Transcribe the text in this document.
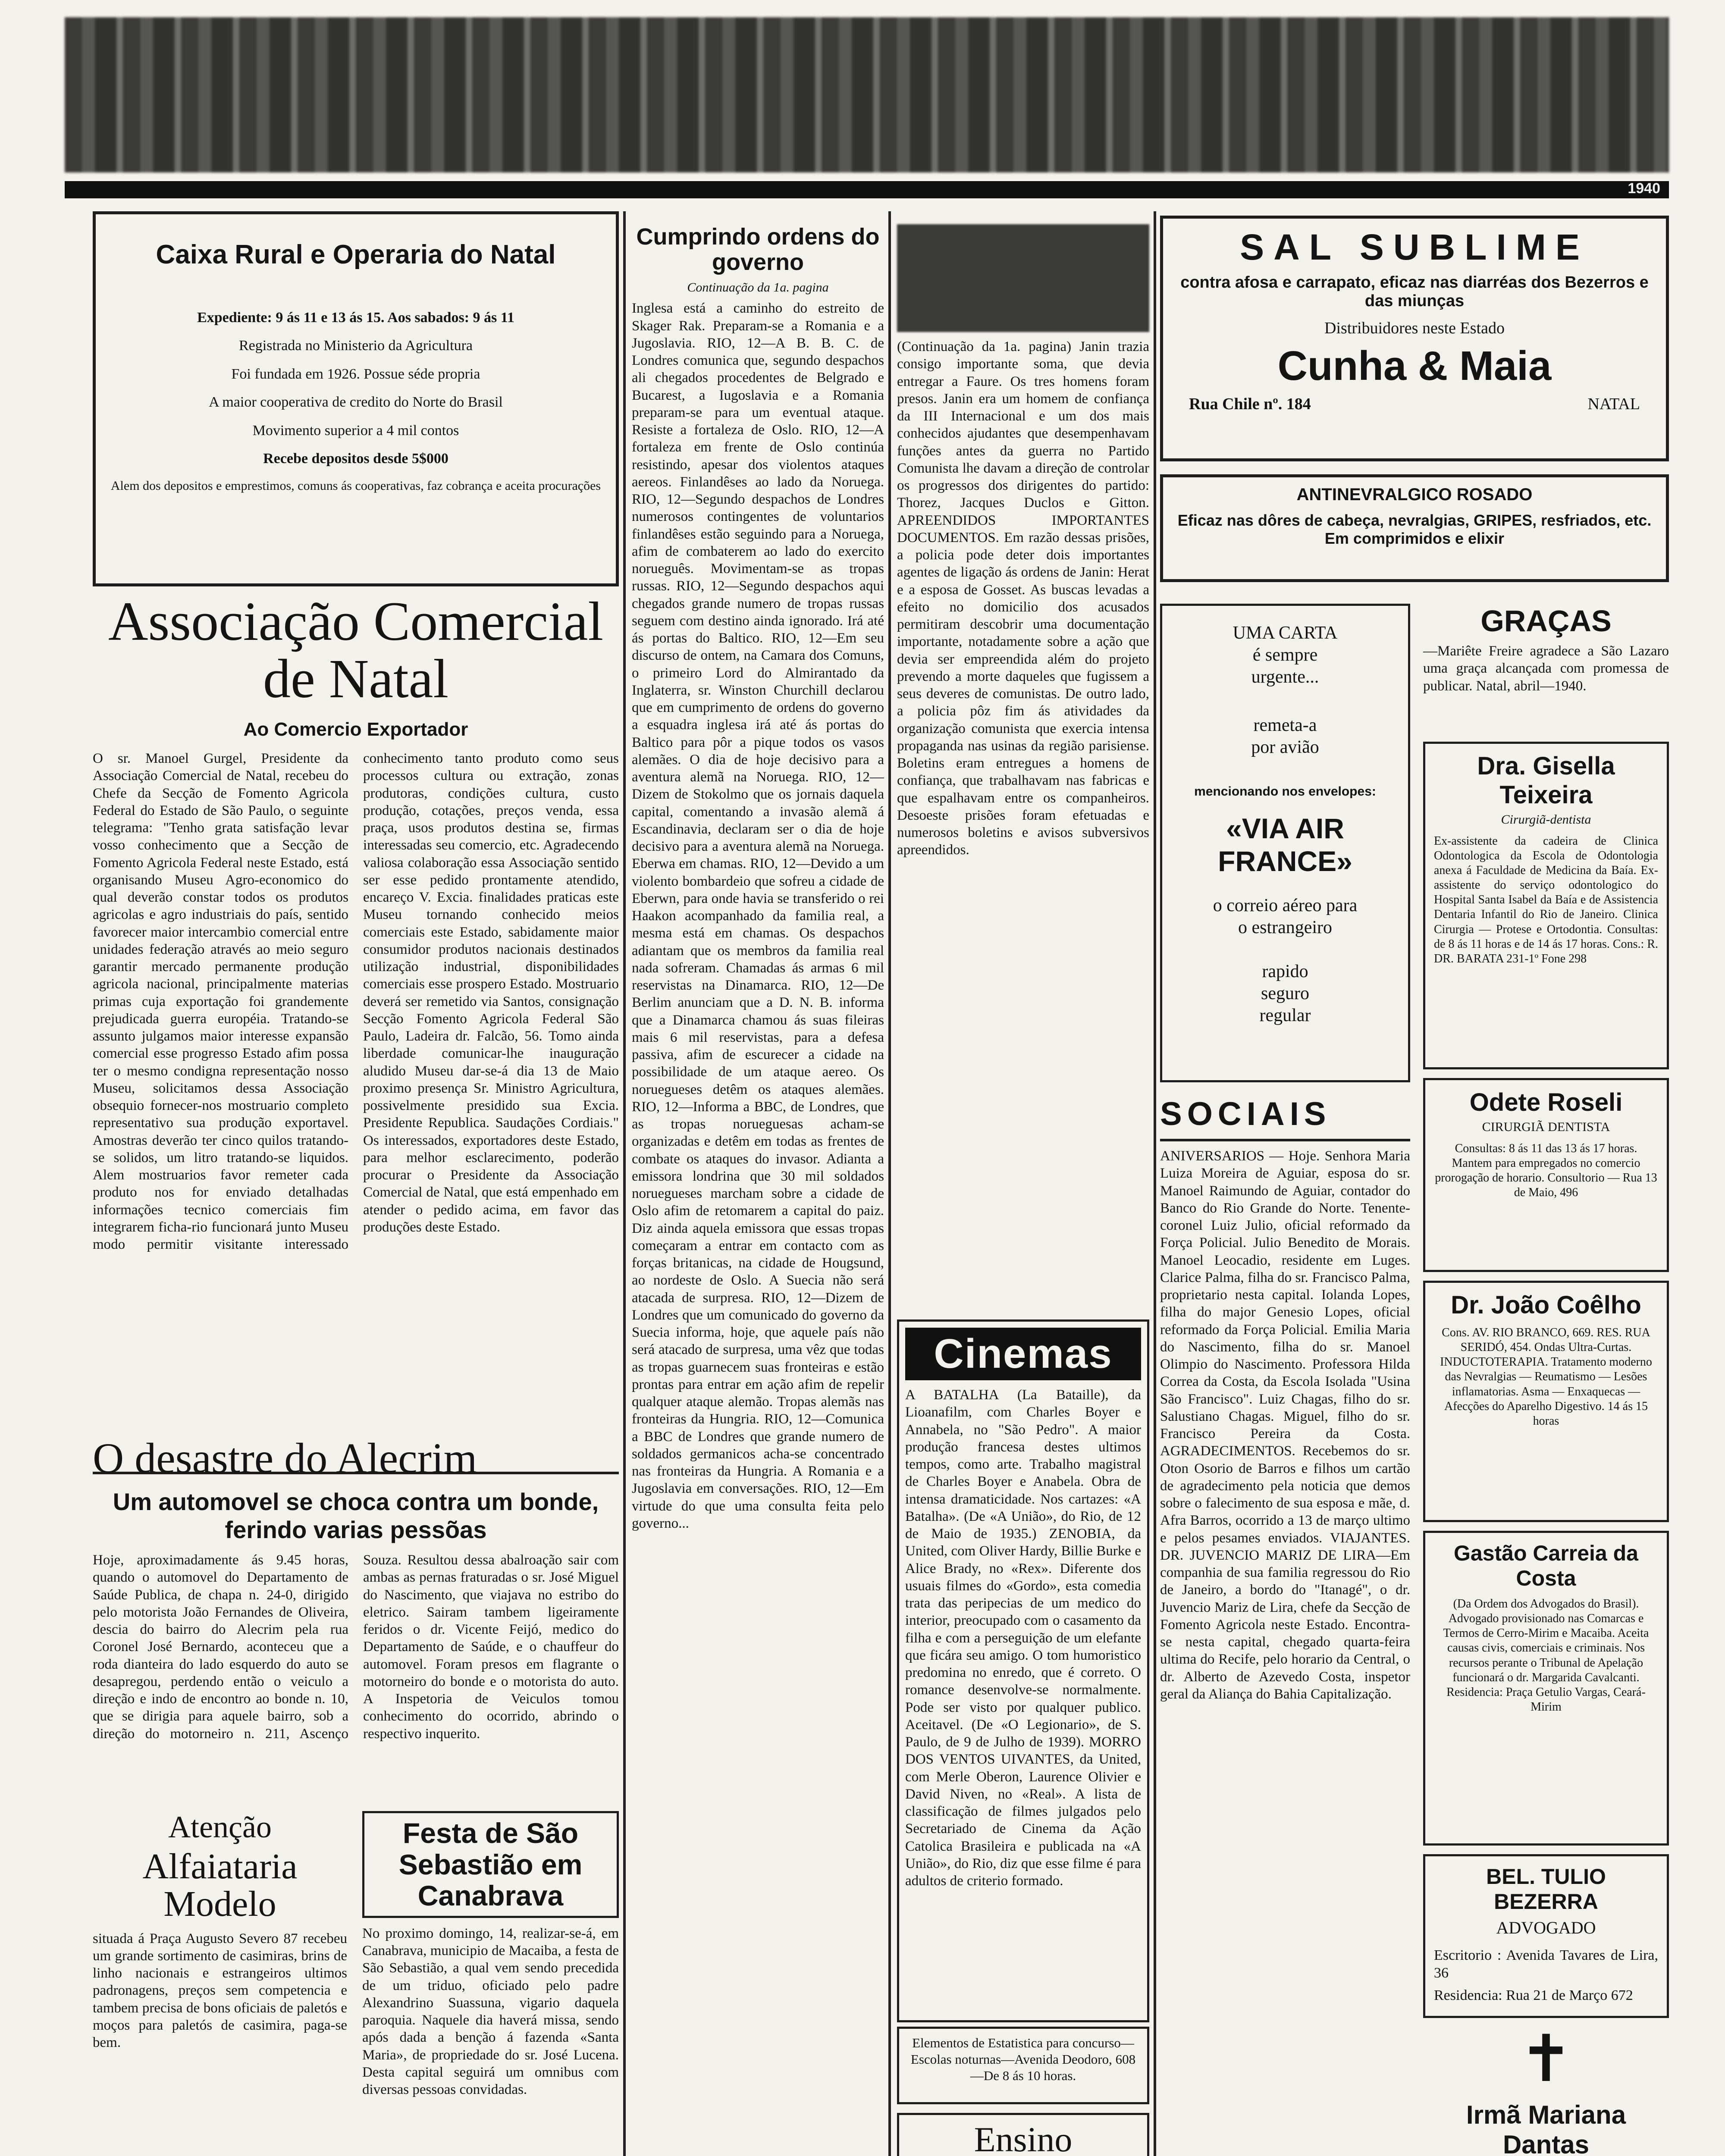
1940
Caixa Rural e Operaria do Natal
Expediente: 9 ás 11 e 13 ás 15. Aos sabados: 9 ás 11
Registrada no Ministerio da Agricultura
Foi fundada em 1926. Possue séde propria
A maior cooperativa de credito do Norte do Brasil
Movimento superior a 4 mil contos
Recebe depositos desde 5$000
Alem dos depositos e emprestimos, comuns ás cooperativas, faz cobrança e aceita procurações
Associação Comercial de Natal
Ao Comercio Exportador

O sr. Manoel Gurgel, Presidente da Associação Comercial de Natal, recebeu do Chefe da Secção de Fomento Agricola Federal do Estado de São Paulo, o seguinte telegrama: "Tenho grata satisfação levar vosso conhecimento que a Secção de Fomento Agricola Federal neste Estado, está organisando Museu Agro-economico do qual deverão constar todos os produtos agricolas e agro industriais do país, sentido favorecer maior intercambio comercial entre unidades federação através ao meio seguro garantir mercado permanente produção agricola nacional, principalmente materias primas cuja exportação foi grandemente prejudicada guerra européia. Tratando-se assunto julgamos maior interesse expansão comercial esse progresso Estado afim possa ter o mesmo condigna representação nosso Museu, solicitamos dessa Associação obsequio fornecer-nos mostruario completo representativo sua produção exportavel. Amostras deverão ter cinco quilos tratando-se solidos, um litro tratando-se liquidos. Alem mostruarios favor remeter cada produto nos for enviado detalhadas informações tecnico comerciais fim integrarem ficha-rio funcionará junto Museu modo permitir visitante interessado conhecimento tanto produto como seus processos cultura ou extração, zonas produtoras, condições cultura, custo produção, cotações, preços venda, essa praça, usos produtos destina se, firmas interessadas seu comercio, etc. Agradecendo valiosa colaboração essa Associação sentido ser esse pedido prontamente atendido, encareço V. Excia. finalidades praticas este Museu tornando conhecido meios comerciais este Estado, sabidamente maior consumidor produtos nacionais destinados utilização industrial, disponibilidades comerciais esse prospero Estado. Mostruario deverá ser remetido via Santos, consignação Secção Fomento Agricola Federal São Paulo, Ladeira dr. Falcão, 56. Tomo ainda liberdade comunicar-lhe inauguração aludido Museu dar-se-á dia 13 de Maio proximo presença Sr. Ministro Agricultura, possivelmente presidido sua Excia. Presidente Republica. Saudações Cordiais." Os interessados, exportadores deste Estado, para melhor esclarecimento, poderão procurar o Presidente da Associação Comercial de Natal, que está empenhado em atender o pedido acima, em favor das produções deste Estado.

O desastre do Alecrim
Um automovel se choca contra um bonde, ferindo varias pessõas

Hoje, aproximadamente ás 9.45 horas, quando o automovel do Departamento de Saúde Publica, de chapa n. 24-0, dirigido pelo motorista João Fernandes de Oliveira, descia do bairro do Alecrim pela rua Coronel José Bernardo, aconteceu que a roda dianteira do lado esquerdo do auto se desapregou, perdendo então o veiculo a direção e indo de encontro ao bonde n. 10, que se dirigia para aquele bairro, sob a direção do motorneiro n. 211, Ascenço Souza. Resultou dessa abalroação sair com ambas as pernas fraturadas o sr. José Miguel do Nascimento, que viajava no estribo do eletrico. Sairam tambem ligeiramente feridos o dr. Vicente Feijó, medico do Departamento de Saúde, e o chauffeur do automovel. Foram presos em flagrante o motorneiro do bonde e o motorista do auto. A Inspetoria de Veiculos tomou conhecimento do ocorrido, abrindo o respectivo inquerito.

Atenção
Alfaiataria Modelo

situada á Praça Augusto Severo 87 recebeu um grande sortimento de casimiras, brins de linho nacionais e estrangeiros ultimos padronagens, preços sem competencia e tambem precisa de bons oficiais de paletós e moços para paletós de casimira, paga-se bem.

Festa de São Sebastião em Canabrava

No proximo domingo, 14, realizar-se-á, em Canabrava, municipio de Macaiba, a festa de São Sebastião, a qual vem sendo precedida de um triduo, oficiado pelo padre Alexandrino Suassuna, vigario daquela paroquia. Naquele dia haverá missa, sendo após dada a benção á fazenda «Santa Maria», de propriedade do sr. José Lucena. Desta capital seguirá um omnibus com diversas pessoas convidadas.

Cumprindo ordens do governo
Continuação da 1a. pagina

Inglesa está a caminho do estreito de Skager Rak. Preparam-se a Romania e a Jugoslavia. RIO, 12—A B. B. C. de Londres comunica que, segundo despachos ali chegados procedentes de Belgrado e Bucarest, a Iugoslavia e a Romania preparam-se para um eventual ataque. Resiste a fortaleza de Oslo. RIO, 12—A fortaleza em frente de Oslo continúa resistindo, apesar dos violentos ataques aereos. Finlandêses ao lado da Noruega. RIO, 12—Segundo despachos de Londres numerosos contingentes de voluntarios finlandêses estão seguindo para a Noruega, afim de combaterem ao lado do exercito norueguês. Movimentam-se as tropas russas. RIO, 12—Segundo despachos aqui chegados grande numero de tropas russas seguem com destino ainda ignorado. Irá até ás portas do Baltico. RIO, 12—Em seu discurso de ontem, na Camara dos Comuns, o primeiro Lord do Almirantado da Inglaterra, sr. Winston Churchill declarou que em cumprimento de ordens do governo a esquadra inglesa irá até ás portas do Baltico para pôr a pique todos os vasos alemães. O dia de hoje decisivo para a aventura alemã na Noruega. RIO, 12—Dizem de Stokolmo que os jornais daquela capital, comentando a invasão alemã á Escandinavia, declaram ser o dia de hoje decisivo para a aventura alemã na Noruega. Eberwa em chamas. RIO, 12—Devido a um violento bombardeio que sofreu a cidade de Eberwn, para onde havia se transferido o rei Haakon acompanhado da familia real, a mesma está em chamas. Os despachos adiantam que os membros da familia real nada sofreram. Chamadas ás armas 6 mil reservistas na Dinamarca. RIO, 12—De Berlim anunciam que a D. N. B. informa que a Dinamarca chamou ás suas fileiras mais 6 mil reservistas, para a defesa passiva, afim de escurecer a cidade na possibilidade de um ataque aereo. Os noruegueses detêm os ataques alemães. RIO, 12—Informa a BBC, de Londres, que as tropas norueguesas acham-se organizadas e detêm em todas as frentes de combate os ataques do invasor. Adianta a emissora londrina que 30 mil soldados noruegueses marcham sobre a cidade de Oslo afim de retomarem a capital do paiz. Diz ainda aquela emissora que essas tropas começaram a entrar em contacto com as forças britanicas, na cidade de Hougsund, ao nordeste de Oslo. A Suecia não será atacada de surpresa. RIO, 12—Dizem de Londres que um comunicado do governo da Suecia informa, hoje, que aquele país não será atacado de surpresa, uma vêz que todas as tropas guarnecem suas fronteiras e estão prontas para entrar em ação afim de repelir qualquer ataque alemão. Tropas alemãs nas fronteiras da Hungria. RIO, 12—Comunica a BBC de Londres que grande numero de soldados germanicos acha-se concentrado nas fronteiras da Hungria. A Romania e a Jugoslavia em conversações. RIO, 12—Em virtude do que uma consulta feita pelo governo...

(Continuação da 1a. pagina) Janin trazia consigo importante soma, que devia entregar a Faure. Os tres homens foram presos. Janin era um homem de confiança da III Internacional e um dos mais conhecidos ajudantes que desempenhavam funções antes da guerra no Partido Comunista lhe davam a direção de controlar os progressos dos dirigentes do partido: Thorez, Jacques Duclos e Gitton. APREENDIDOS IMPORTANTES DOCUMENTOS. Em razão dessas prisões, a policia pode deter dois importantes agentes de ligação ás ordens de Janin: Herat e a esposa de Gosset. As buscas levadas a efeito no domicilio dos acusados permitiram descobrir uma documentação importante, notadamente sobre a ação que devia ser empreendida além do projeto prevendo a morte daqueles que fugissem a seus deveres de comunistas. De outro lado, a policia pôz fim ás atividades da organização comunista que exercia intensa propaganda nas usinas da região parisiense. Boletins eram entregues a homens de confiança, que trabalhavam nas fabricas e que espalhavam entre os companheiros. Desoeste prisões foram efetuadas e numerosos boletins e avisos subversivos apreendidos.

Cinemas

A BATALHA (La Bataille), da Lioanafilm, com Charles Boyer e Annabela, no "São Pedro". A maior produção francesa destes ultimos tempos, como arte. Trabalho magistral de Charles Boyer e Anabela. Obra de intensa dramaticidade. Nos cartazes: «A Batalha». (De «A União», do Rio, de 12 de Maio de 1935.) ZENOBIA, da United, com Oliver Hardy, Billie Burke e Alice Brady, no «Rex». Diferente dos usuais filmes do «Gordo», esta comedia trata das peripecias de um medico do interior, preocupado com o casamento da filha e com a perseguição de um elefante que ficára seu amigo. O tom humoristico predomina no enredo, que é correto. O romance desenvolve-se normalmente. Pode ser visto por qualquer publico. Aceitavel. (De «O Legionario», de S. Paulo, de 9 de Julho de 1939). MORRO DOS VENTOS UIVANTES, da United, com Merle Oberon, Laurence Olivier e David Niven, no «Real». A lista de classificação de filmes julgados pelo Secretariado de Cinema da Ação Catolica Brasileira e publicada na «A União», do Rio, diz que esse filme é para adultos de criterio formado.

Elementos de Estatistica para concurso—Escolas noturnas—Avenida Deodoro, 608—De 8 ás 10 horas.
Ensino

SAL SUBLIME
contra afosa e carrapato, eficaz nas diarréas dos Bezerros e das miunças
Distribuidores neste Estado
Cunha & Maia
Rua Chile nº. 184	NATAL
ANTINEVRALGICO ROSADO
Eficaz nas dôres de cabeça, nevralgias, GRIPES, resfriados, etc. Em comprimidos e elixir
UMA CARTA
é sempre
urgente...
remeta-a
por avião
mencionando nos envelopes:
«VIA AIR FRANCE»
o correio aéreo para
o estrangeiro
rapido
seguro
regular
SOCIAIS

ANIVERSARIOS — Hoje. Senhora Maria Luiza Moreira de Aguiar, esposa do sr. Manoel Raimundo de Aguiar, contador do Banco do Rio Grande do Norte. Tenente-coronel Luiz Julio, oficial reformado da Força Policial. Julio Benedito de Morais. Manoel Leocadio, residente em Luges. Clarice Palma, filha do sr. Francisco Palma, proprietario nesta capital. Iolanda Lopes, filha do major Genesio Lopes, oficial reformado da Força Policial. Emilia Maria do Nascimento, filha do sr. Manoel Olimpio do Nascimento. Professora Hilda Correa da Costa, da Escola Isolada "Usina São Francisco". Luiz Chagas, filho do sr. Salustiano Chagas. Miguel, filho do sr. Francisco Pereira da Costa. AGRADECIMENTOS. Recebemos do sr. Oton Osorio de Barros e filhos um cartão de agradecimento pela noticia que demos sobre o falecimento de sua esposa e mãe, d. Afra Barros, ocorrido a 13 de março ultimo e pelos pesames enviados. VIAJANTES. DR. JUVENCIO MARIZ DE LIRA—Em companhia de sua familia regressou do Rio de Janeiro, a bordo do "Itanagé", o dr. Juvencio Mariz de Lira, chefe da Secção de Fomento Agricola neste Estado. Encontra-se nesta capital, chegado quarta-feira ultima do Recife, pelo horario da Central, o dr. Alberto de Azevedo Costa, inspetor geral da Aliança do Bahia Capitalização.

GRAÇAS

—Mariête Freire agradece a São Lazaro uma graça alcançada com promessa de publicar. Natal, abril—1940.

Dra. Gisella Teixeira
Cirurgiã-dentista

Ex-assistente da cadeira de Clinica Odontologica da Escola de Odontologia anexa á Faculdade de Medicina da Baía. Ex-assistente do serviço odontologico do Hospital Santa Isabel da Baía e de Assistencia Dentaria Infantil do Rio de Janeiro. Clinica Cirurgia — Protese e Ortodontia. Consultas: de 8 ás 11 horas e de 14 ás 17 horas. Cons.: R. DR. BARATA 231-1º Fone 298

Odete Roseli
CIRURGIÃ DENTISTA

Consultas: 8 ás 11 das 13 ás 17 horas. Mantem para empregados no comercio prorogação de horario. Consultorio — Rua 13 de Maio, 496

Dr. João Coêlho

Cons. AV. RIO BRANCO, 669. RES. RUA SERIDÓ, 454. Ondas Ultra-Curtas. INDUCTOTERAPIA. Tratamento moderno das Nevralgias — Reumatismo — Lesões inflamatorias. Asma — Enxaquecas — Afecções do Aparelho Digestivo. 14 ás 15 horas

Gastão Carreia da Costa

(Da Ordem dos Advogados do Brasil). Advogado provisionado nas Comarcas e Termos de Cerro-Mirim e Macaiba. Aceita causas civis, comerciais e criminais. Nos recursos perante o Tribunal de Apelação funcionará o dr. Margarida Cavalcanti. Residencia: Praça Getulio Vargas, Ceará-Mirim

BEL. TULIO BEZERRA
ADVOGADO
Escritorio : Avenida Tavares de Lira, 36
Residencia: Rua 21 de Março 672
✝
Irmã Mariana Dantas
